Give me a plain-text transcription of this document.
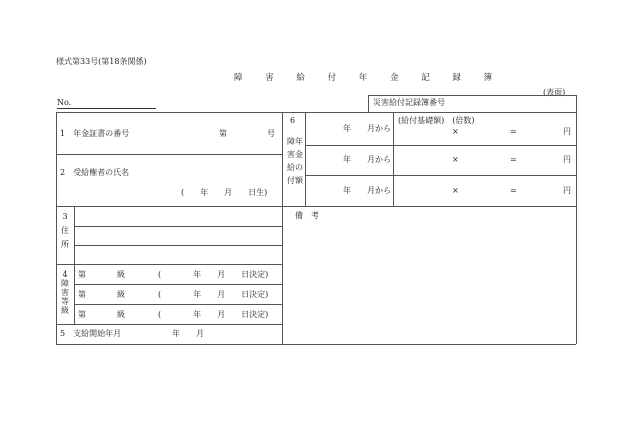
様式第33号(第18条関係)
障 害 給 付 年 金 記 録 簿
(表面)
No.	災害給付記録簿番号
1　年金証書の番号	第	号
2　受給権者の氏名
(　　年　　月　　日生)
3 住 所
4 障害等級
第	級	(　　　　年　　月　　日決定)
第	級	(　　　　年　　月　　日決定)
第	級	(　　　　年　　月　　日決定)
5　支給開始年月	年　　月
6
障年害金給の付額
(給付基礎額)　(倍数)
年　　月から	×	=	円
年　　月から	×	=	円
年　　月から	×	=	円
備　考
